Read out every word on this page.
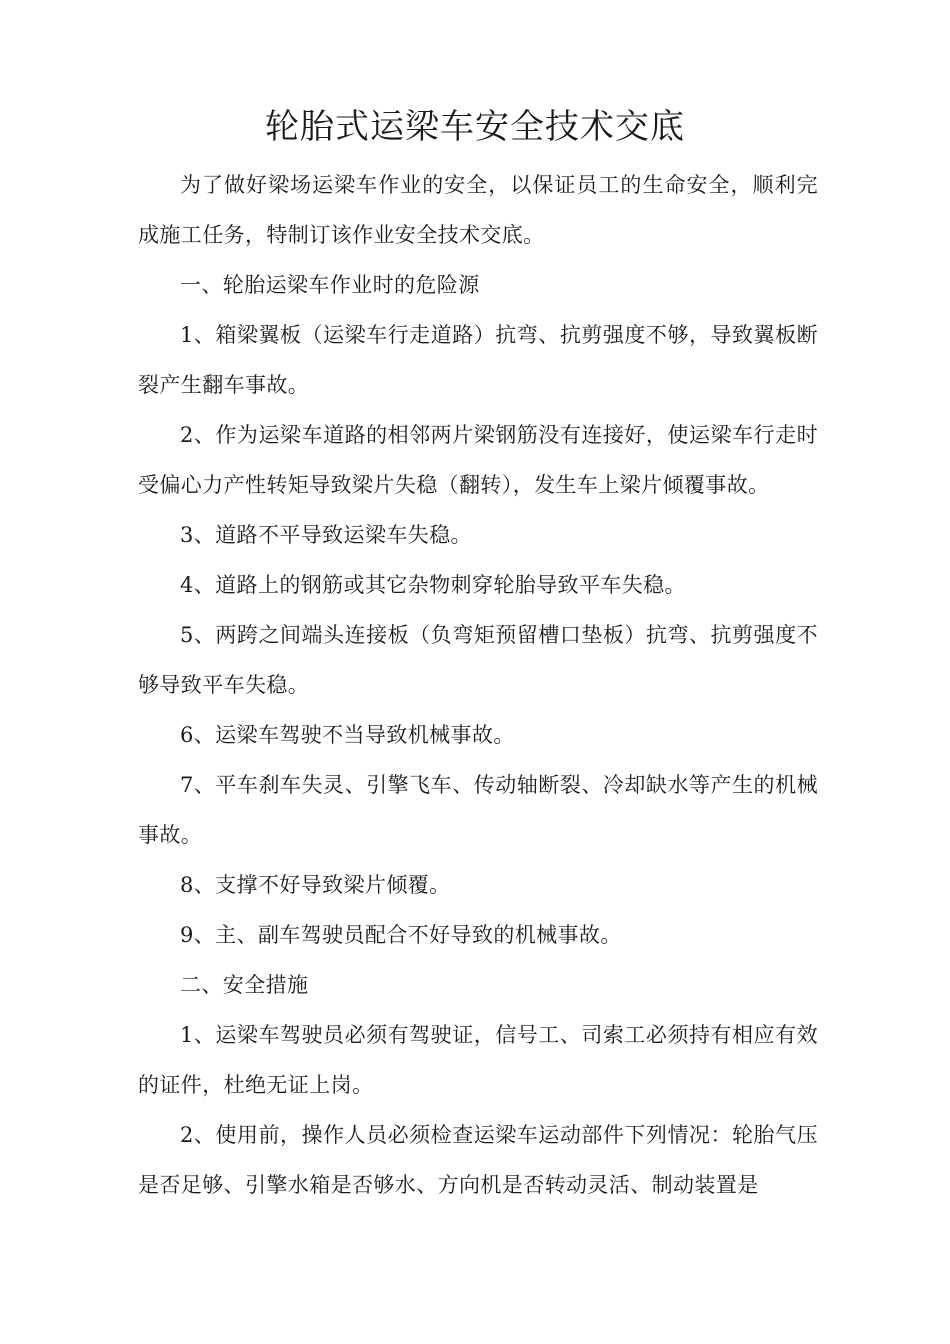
轮胎式运梁车安全技术交底

为了做好梁场运梁车作业的安全，以保证员工的生命安全，顺利完成施工任务，特制订该作业安全技术交底。

一、轮胎运梁车作业时的危险源

1、箱梁翼板（运梁车行走道路）抗弯、抗剪强度不够，导致翼板断裂产生翻车事故。

2、作为运梁车道路的相邻两片梁钢筋没有连接好，使运梁车行走时受偏心力产性转矩导致梁片失稳（翻转），发生车上梁片倾覆事故。

3、道路不平导致运梁车失稳。

4、道路上的钢筋或其它杂物刺穿轮胎导致平车失稳。

5、两跨之间端头连接板（负弯矩预留槽口垫板）抗弯、抗剪强度不够导致平车失稳。

6、运梁车驾驶不当导致机械事故。

7、平车刹车失灵、引擎飞车、传动轴断裂、冷却缺水等产生的机械事故。

8、支撑不好导致梁片倾覆。

9、主、副车驾驶员配合不好导致的机械事故。

二、安全措施

1、运梁车驾驶员必须有驾驶证，信号工、司索工必须持有相应有效的证件，杜绝无证上岗。

2、使用前，操作人员必须检查运梁车运动部件下列情况：轮胎气压是否足够、引擎水箱是否够水、方向机是否转动灵活、制动装置是
